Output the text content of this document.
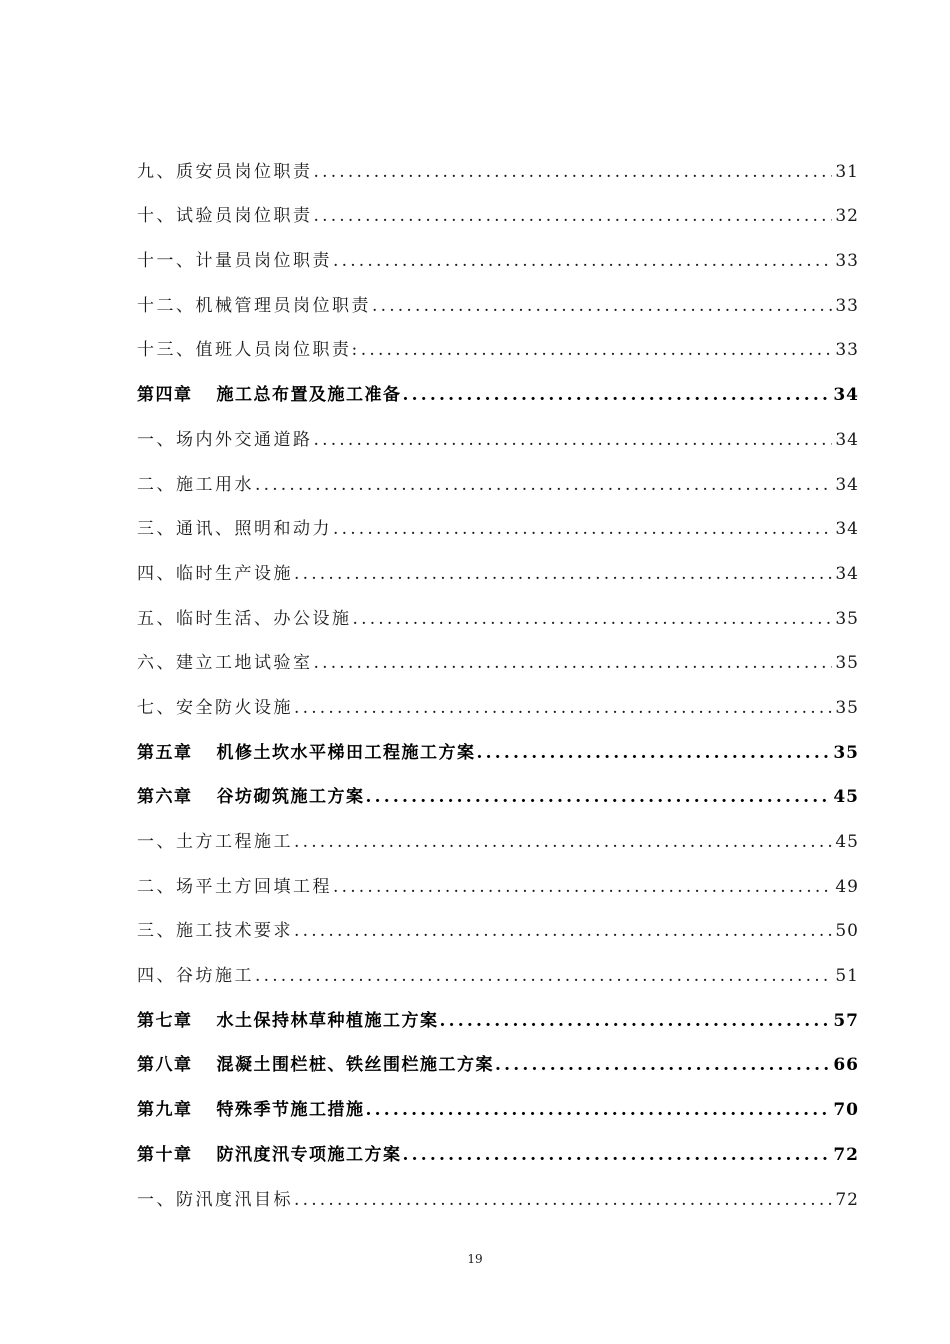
九、质安员岗位职责 .....	31
十、试验员岗位职责 .....	32
十一、计量员岗位职责 .....	33
十二、机械管理员岗位职责 .....	33
十三、值班人员岗位职责: .....	33
第四章 施工总布置及施工准备 .....	34
一、场内外交通道路 .....	34
二、施工用水 .....	34
三、通讯、照明和动力 .....	34
四、临时生产设施 .....	34
五、临时生活、办公设施 .....	35
六、建立工地试验室 .....	35
七、安全防火设施 .....	35
第五章 机修土坎水平梯田工程施工方案 .....	35
第六章 谷坊砌筑施工方案 .....	45
一、土方工程施工 .....	45
二、场平土方回填工程 .....	49
三、施工技术要求 .....	50
四、谷坊施工 .....	51
第七章 水土保持林草种植施工方案 .....	57
第八章 混凝土围栏桩、铁丝围栏施工方案 .....	66
第九章 特殊季节施工措施 .....	70
第十章 防汛度汛专项施工方案 .....	72
一、防汛度汛目标 .....	72
19
